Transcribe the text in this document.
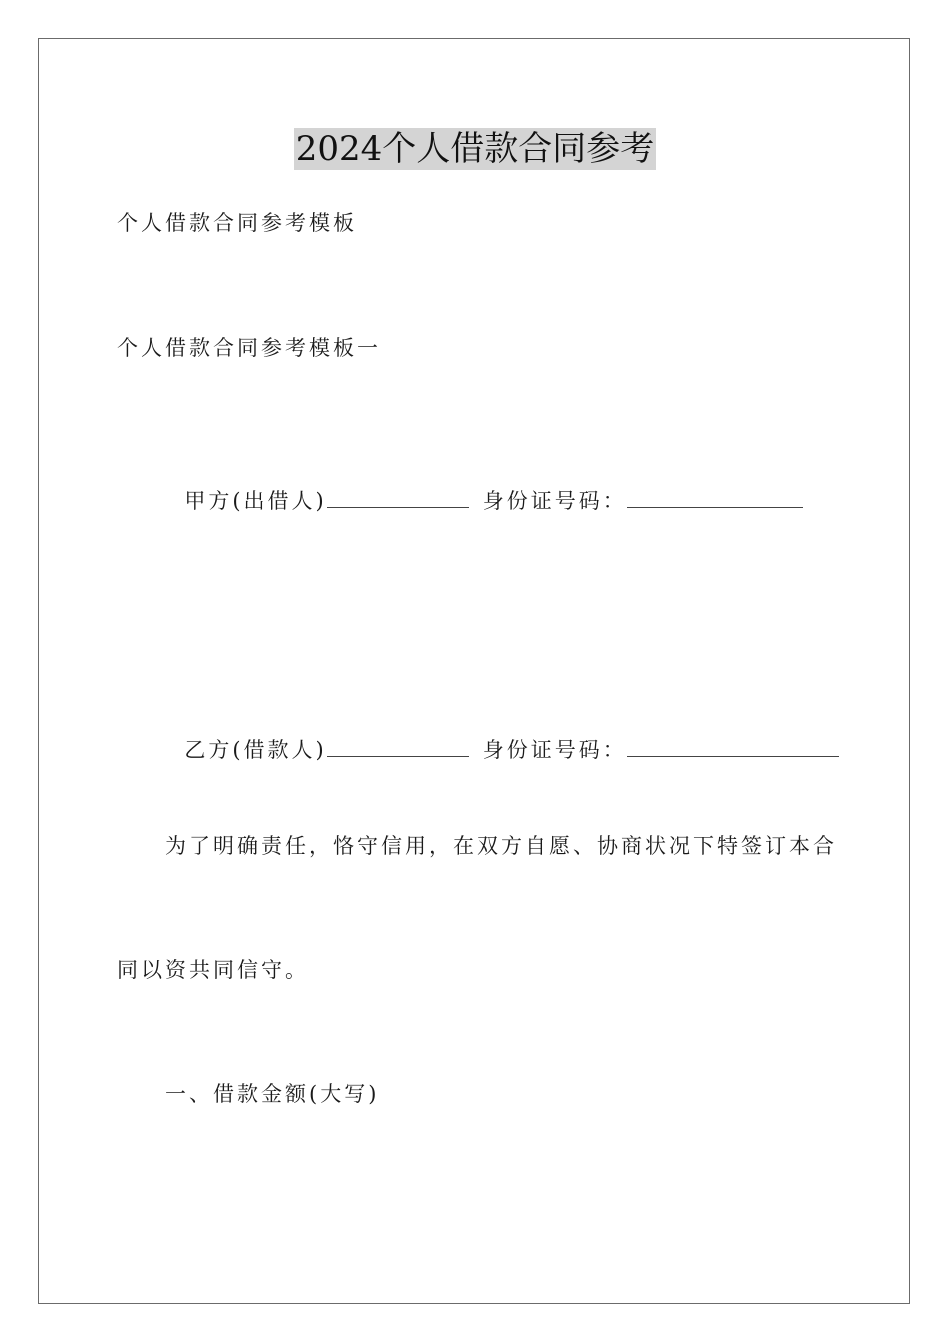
2024个人借款合同参考
个人借款合同参考模板
个人借款合同参考模板一

甲方(出借人)	身份证号码：

乙方(借款人)	身份证号码：

为了明确责任，恪守信用，在双方自愿、协商状况下特签订本合
同以资共同信守。
一、借款金额(大写)
